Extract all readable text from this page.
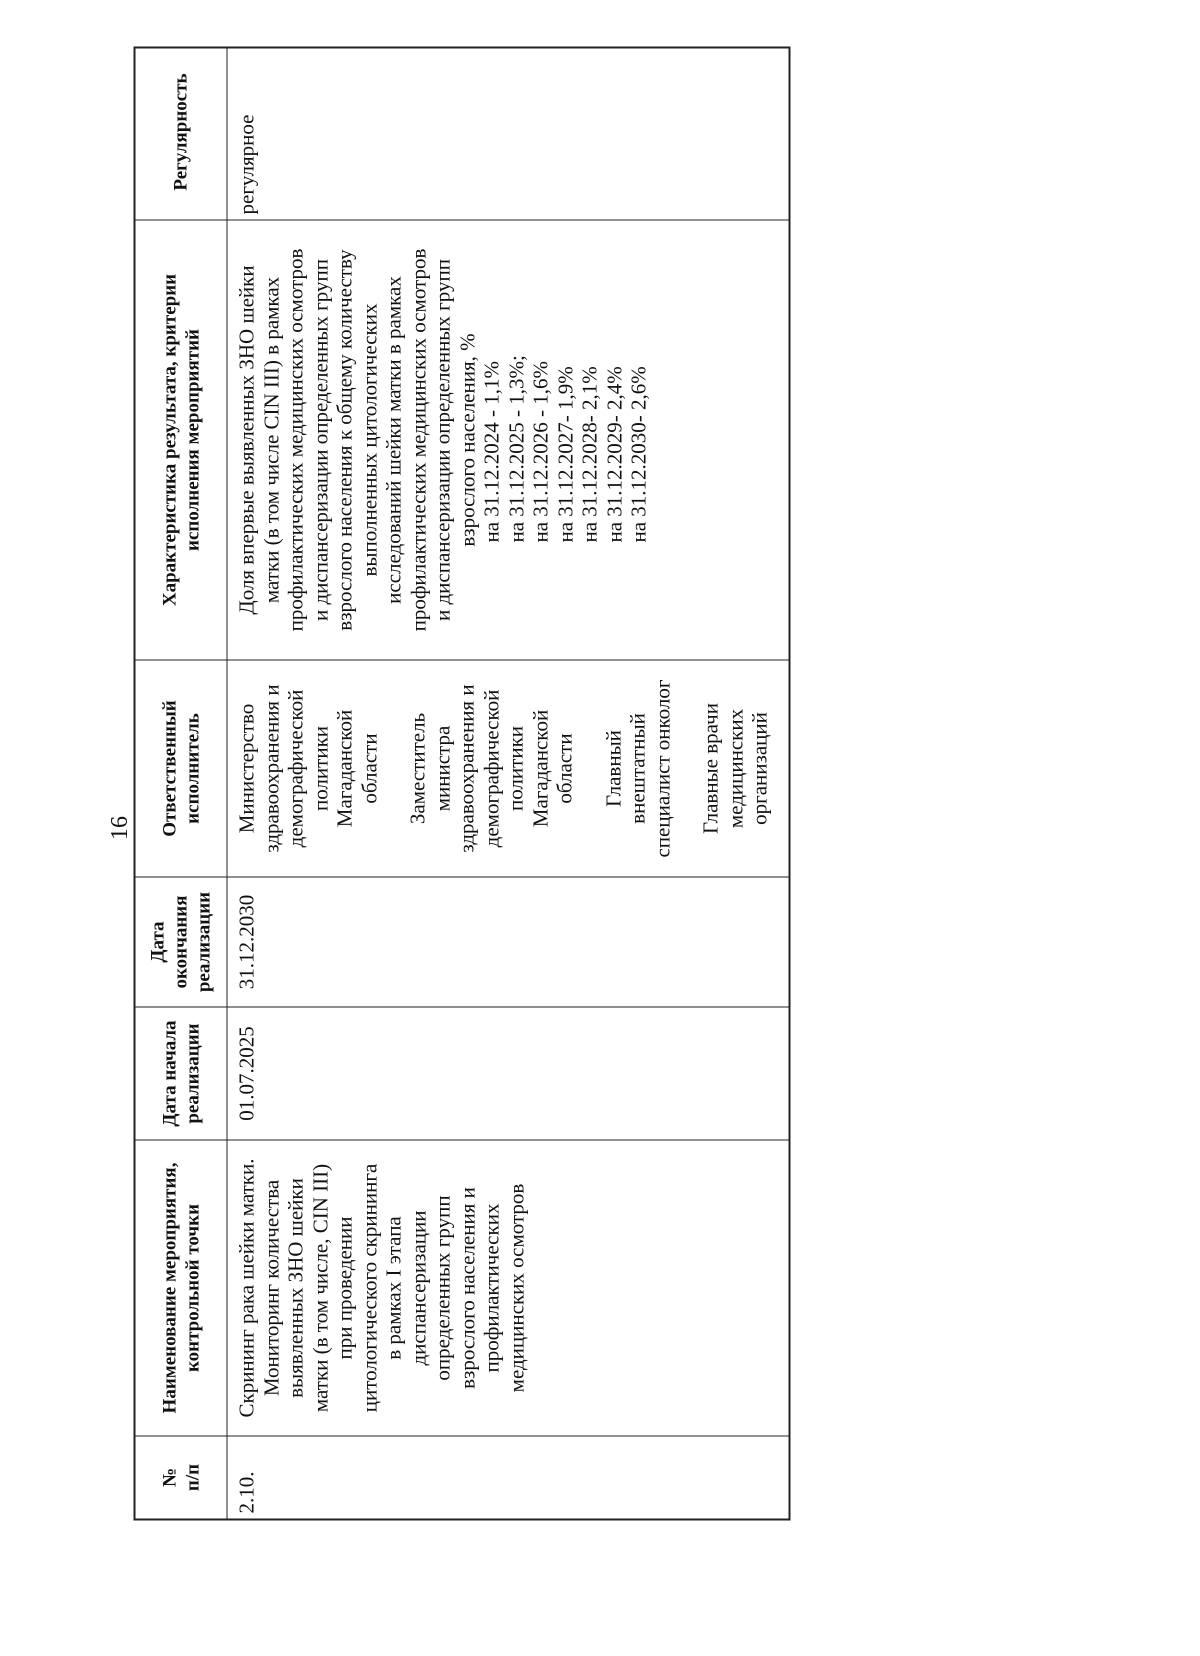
16
№
п/п
Наименование мероприятия,
контрольной точки
Дата начала
реализации
Дата
окончания
реализации
Ответственный
исполнитель
Характеристика результата, критерии
исполнения мероприятий
Регулярность
2.10.
Скрининг рака шейки матки.
Мониторинг количества
выявленных ЗНО шейки
матки (в том числе, CIN III)
при проведении
цитологического скрининга
в рамках I этапа
диспансеризации
определенных групп
взрослого населения и
профилактических
медицинских осмотров
01.07.2025
31.12.2030
Министерство
здравоохранения и
демографической
политики
Магаданской
области Заместитель
министра
здравоохранения и
демографической
политики
Магаданской
области Главный
внештатный
специалист онколог
Главные врачи
медицинских
организаций
Доля впервые выявленных ЗНО шейки
матки (в том числе CIN III) в рамках
профилактических медицинских осмотров
и диспансеризации определенных групп
взрослого населения к общему количеству
выполненных цитологических
исследований шейки матки в рамках
профилактических медицинских осмотров
и диспансеризации определенных групп
взрослого населения, %
на 31.12.2024 - 1,1% на 31.12.2025 - 1,3%; на 31.12.2026 - 1,6% на 31.12.2027- 1,9% на 31.12.2028- 2,1% на 31.12.2029- 2,4% на 31.12.2030- 2,6%
регулярное
